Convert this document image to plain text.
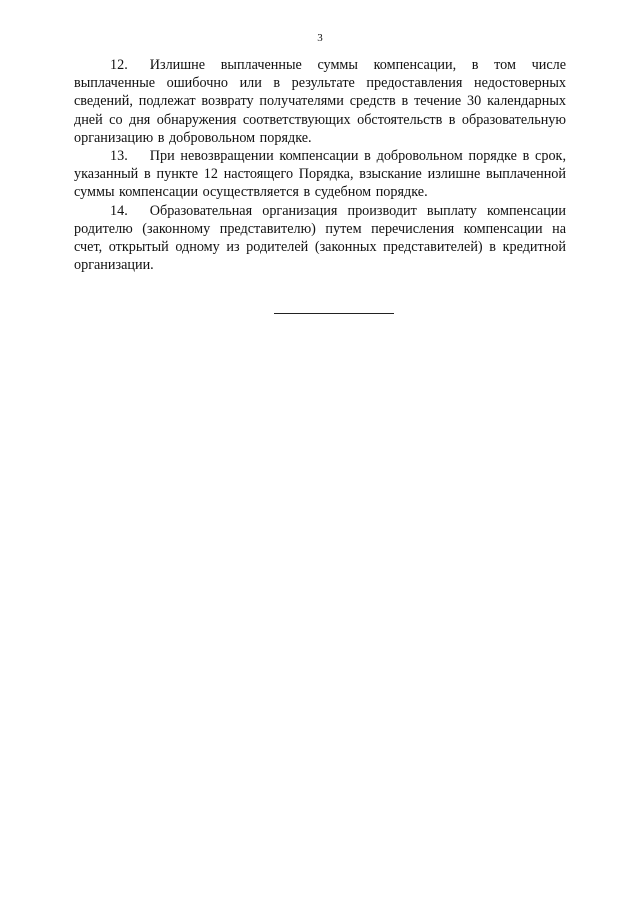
3

12. Излишне выплаченные суммы компенсации, в том числе выплаченные ошибочно или в результате предоставления недостоверных сведений, подлежат возврату получателями средств в течение 30 календарных дней со дня обнаружения соответствующих обстоятельств в образовательную организацию в добровольном порядке.

13. При невозвращении компенсации в добровольном порядке в срок, указанный в пункте 12 настоящего Порядка, взыскание излишне выплаченной суммы компенсации осуществляется в судебном порядке.

14. Образовательная организация производит выплату компенсации родителю (законному представителю) путем перечисления компенсации на счет, открытый одному из родителей (законных представителей) в кредитной организации.
